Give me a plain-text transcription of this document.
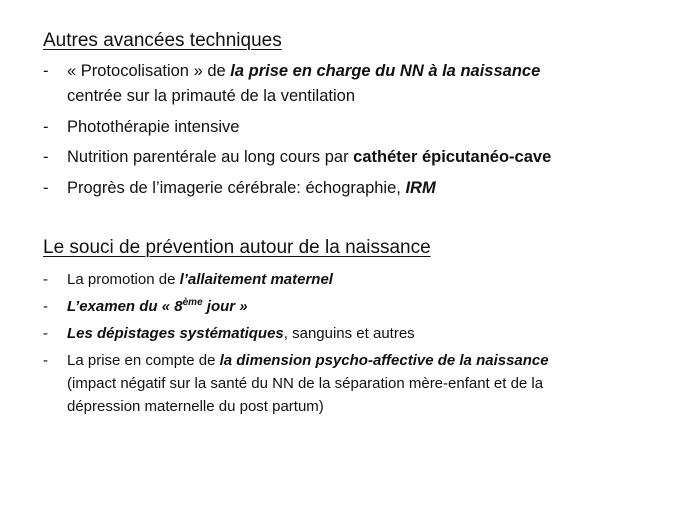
Autres avancées techniques
- « Protocolisation » de la prise en charge du NN à la naissance
centrée sur la primauté de la ventilation
- Photothérapie intensive
- Nutrition parentérale au long cours par cathéter épicutanéo-cave
- Progrès de l’imagerie cérébrale: échographie, IRM
Le souci de prévention autour de la naissance
- La promotion de l’allaitement maternel
- L’examen du « 8ème jour »
- Les dépistages systématiques, sanguins et autres
- La prise en compte de la dimension psycho-affective de la naissance
(impact négatif sur la santé du NN de la séparation mère-enfant et de la
dépression maternelle du post partum)
